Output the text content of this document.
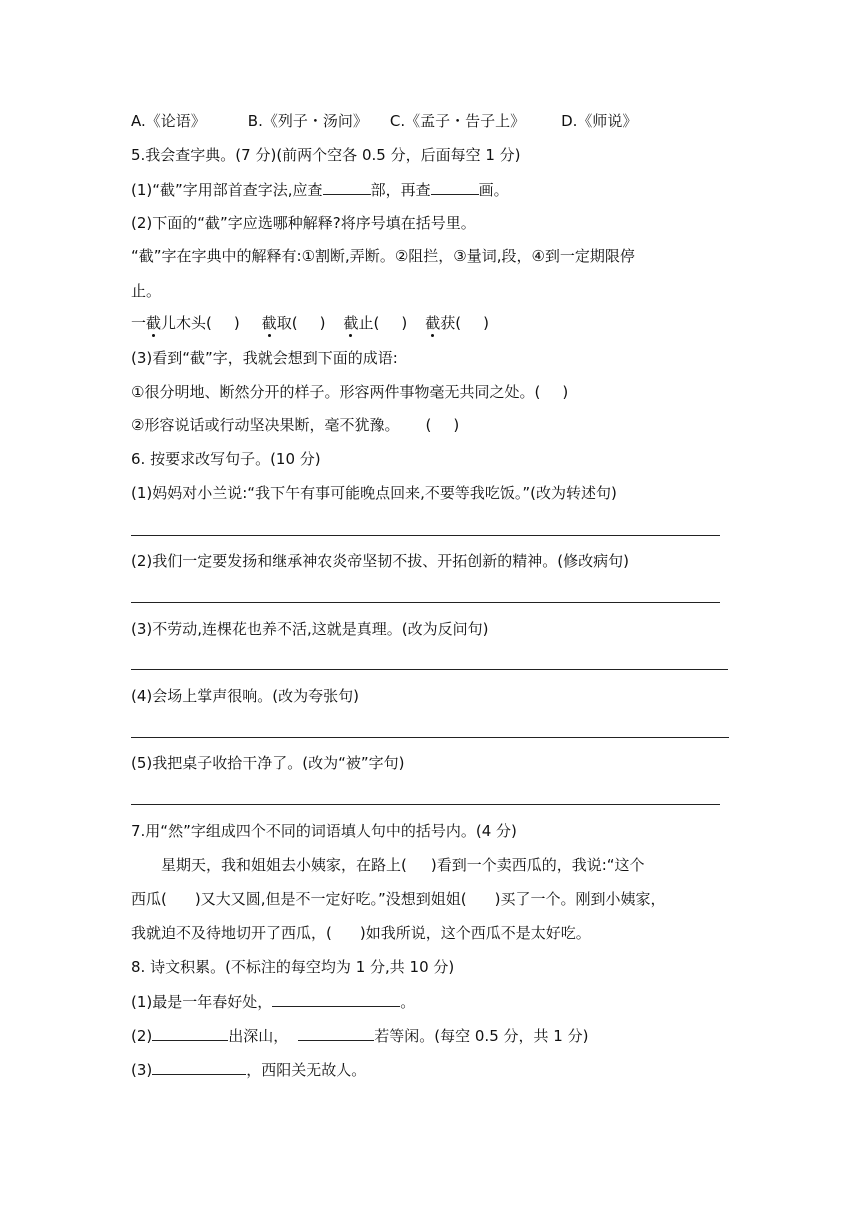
A.《论语》	B.《列子・汤问》 C.《孟子・告子上》 D.《师说》
5.我会查字典。(7 分)(前两个空各 0.5 分，后面每空 1 分)
(1)“截”字用部首查字法,应查	部，再查	画。
(2)下面的“截”字应选哪种解释?将序号填在括号里。
“截”字在字典中的解释有:①割断,弄断。②阻拦，③量词,段，④到一定期限停
止。
一截儿木头( ) 截取( ) 截止( ) 截获( )
(3)看到“截”字，我就会想到下面的成语:
①很分明地、断然分开的样子。形容两件事物毫无共同之处。( )
②形容说话或行动坚决果断，毫不犹豫。 ( )
6. 按要求改写句子。(10 分)
(1)妈妈对小兰说:“我下午有事可能晚点回来,不要等我吃饭。”(改为转述句)
(2)我们一定要发扬和继承神农炎帝坚韧不拔、开拓创新的精神。(修改病句)
(3)不劳动,连棵花也养不活,这就是真理。(改为反问句)
(4)会场上掌声很响。(改为夸张句)
(5)我把桌子收拾干净了。(改为“被”字句)
7.用“然”字组成四个不同的词语填人句中的括号内。(4 分)
星期天，我和姐姐去小姨家，在路上( )看到一个卖西瓜的，我说:“这个
西瓜( )又大又圆,但是不一定好吃。”没想到姐姐( )买了一个。刚到小姨家，
我就迫不及待地切开了西瓜，( )如我所说，这个西瓜不是太好吃。
8. 诗文积累。(不标注的每空均为 1 分,共 10 分)
(1)最是一年春好处，	。
(2)	出深山，	若等闲。(每空 0.5 分，共 1 分)
(3)	，西阳关无故人。
